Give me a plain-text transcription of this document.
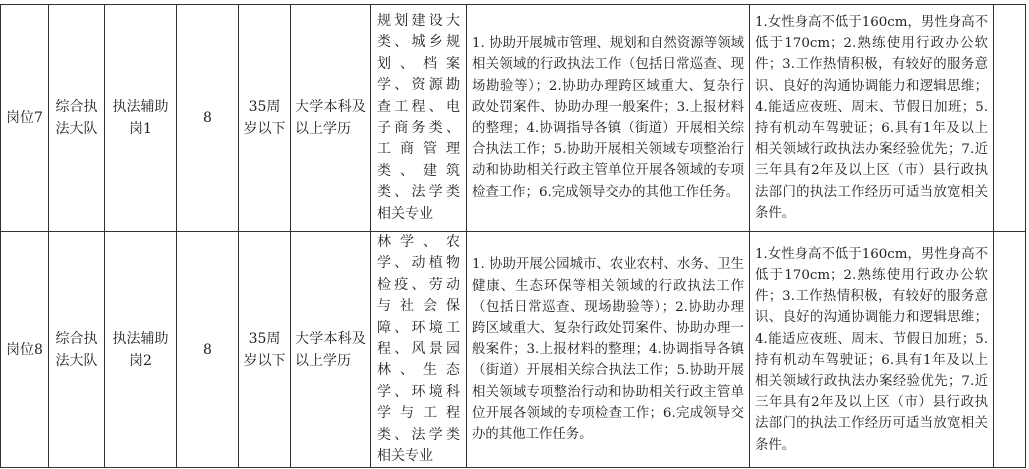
岗位7	综合执法大队	执法辅助岗1	8	35周岁以下	大学本科及以上学历	规划建设大类、城乡规划、档案学、资源勘查工程、电子商务类、工商管理类、建筑类、法学类相关专业	1. 协助开展城市管理、规划和自然资源等领域相关领域的行政执法工作（包括日常巡查、现场勘验等）；2.协助办理跨区域重大、复杂行政处罚案件、协助办理一般案件；3.上报材料的整理；4.协调指导各镇（街道）开展相关综合执法工作；5.协助开展相关领域专项整治行动和协助相关行政主管单位开展各领域的专项检查工作；6.完成领导交办的其他工作任务。	1.女性身高不低于160cm，男性身高不低于170cm；2.熟练使用行政办公软件；3.工作热情积极，有较好的服务意识、良好的沟通协调能力和逻辑思维；4.能适应夜班、周末、节假日加班；5.持有机动车驾驶证；6.具有1年及以上相关领域行政执法办案经验优先；7.近三年具有2年及以上区（市）县行政执法部门的执法工作经历可适当放宽相关条件。	
岗位8	综合执法大队	执法辅助岗2	8	35周岁以下	大学本科及以上学历	林学、农学、动植物检疫、劳动与社会保障、环境工程、风景园林、生态学、环境科学与工程类、法学类相关专业	1. 协助开展公园城市、农业农村、水务、卫生健康、生态环保等相关领域的行政执法工作（包括日常巡查、现场勘验等）；2.协助办理跨区域重大、复杂行政处罚案件、协助办理一般案件；3.上报材料的整理；4.协调指导各镇（街道）开展相关综合执法工作；5.协助开展相关领域专项整治行动和协助相关行政主管单位开展各领域的专项检查工作；6.完成领导交办的其他工作任务。	1.女性身高不低于160cm，男性身高不低于170cm；2.熟练使用行政办公软件；3.工作热情积极，有较好的服务意识、良好的沟通协调能力和逻辑思维；4.能适应夜班、周末、节假日加班；5.持有机动车驾驶证；6.具有1年及以上相关领域行政执法办案经验优先；7.近三年具有2年及以上区（市）县行政执法部门的执法工作经历可适当放宽相关条件。	
